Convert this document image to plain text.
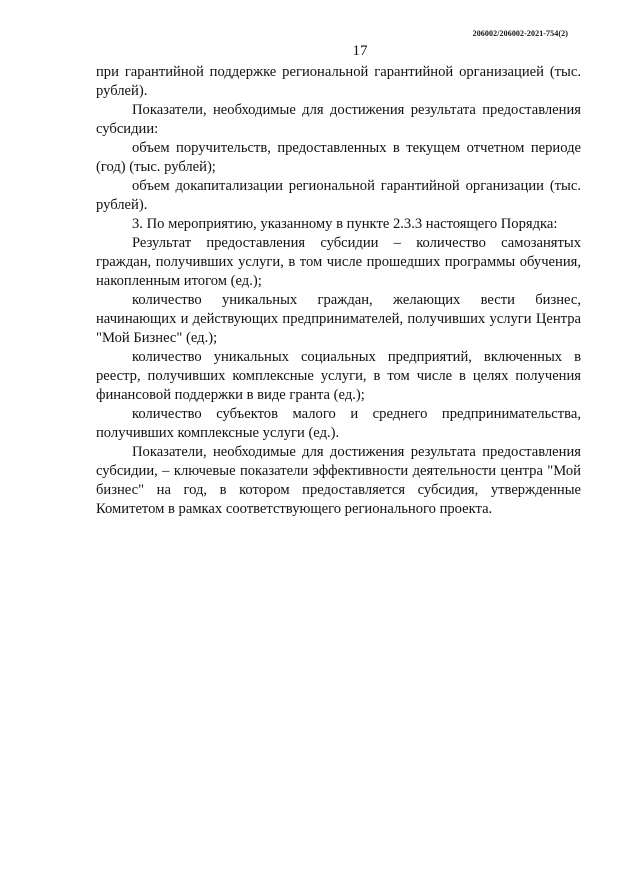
206002/206002-2021-754(2)
17

при гарантийной поддержке региональной гарантийной организацией (тыс. рублей).

Показатели, необходимые для достижения результата предоставления субсидии:

объем поручительств, предоставленных в текущем отчетном периоде (год) (тыс. рублей);

объем докапитализации региональной гарантийной организации (тыс. рублей).

3. По мероприятию, указанному в пункте 2.3.3 настоящего Порядка:

Результат предоставления субсидии – количество самозанятых граждан, получивших услуги, в том числе прошедших программы обучения, накопленным итогом (ед.);

количество уникальных граждан, желающих вести бизнес, начинающих и действующих предпринимателей, получивших услуги Центра "Мой Бизнес" (ед.);

количество уникальных социальных предприятий, включенных в реестр, получивших комплексные услуги, в том числе в целях получения финансовой поддержки в виде гранта (ед.);

количество субъектов малого и среднего предпринимательства, получивших комплексные услуги (ед.).

Показатели, необходимые для достижения результата предоставления субсидии, – ключевые показатели эффективности деятельности центра "Мой бизнес" на год, в котором предоставляется субсидия, утвержденные Комитетом в рамках соответствующего регионального проекта.
